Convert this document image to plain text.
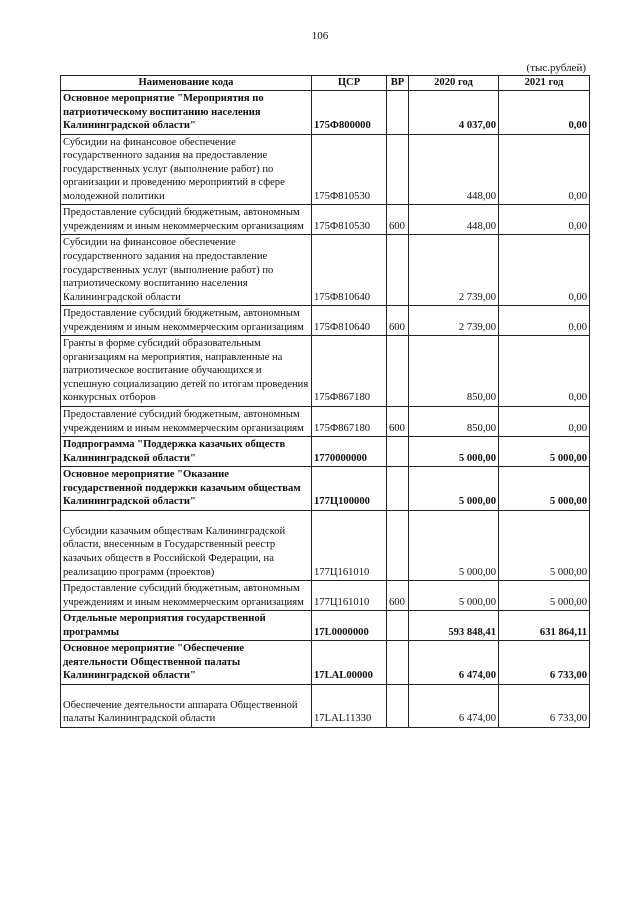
106
(тыс.рублей)
Наименование кода	ЦСР	ВР	2020 год	2021 год
Основное мероприятие "Мероприятия по патриотическому воспитанию населения Калининградской области"	175Ф800000		4 037,00	0,00
Субсидии на финансовое обеспечение государственного задания на предоставление государственных услуг (выполнение работ) по организации и проведению мероприятий в сфере молодежной политики	175Ф810530		448,00	0,00
Предоставление субсидий бюджетным, автономным учреждениям и иным некоммерческим организациям	175Ф810530	600	448,00	0,00
Субсидии на финансовое обеспечение государственного задания на предоставление государственных услуг (выполнение работ) по патриотическому воспитанию населения Калининградской области	175Ф810640		2 739,00	0,00
Предоставление субсидий бюджетным, автономным учреждениям и иным некоммерческим организациям	175Ф810640	600	2 739,00	0,00
Гранты в форме субсидий образовательным организациям на мероприятия, направленные на патриотическое воспитание обучающихся и успешную социализацию детей по итогам проведения конкурсных отборов	175Ф867180		850,00	0,00
Предоставление субсидий бюджетным, автономным учреждениям и иным некоммерческим организациям	175Ф867180	600	850,00	0,00
Подпрограмма "Поддержка казачьих обществ Калининградской области"	1770000000		5 000,00	5 000,00
Основное мероприятие "Оказание государственной поддержки казачьим обществам Калининградской области"	177Ц100000		5 000,00	5 000,00
Субсидии казачьим обществам Калининградской области, внесенным в Государственный реестр казачьих обществ в Российской Федерации, на реализацию программ (проектов)	177Ц161010		5 000,00	5 000,00
Предоставление субсидий бюджетным, автономным учреждениям и иным некоммерческим организациям	177Ц161010	600	5 000,00	5 000,00
Отдельные мероприятия государственной программы	17L0000000		593 848,41	631 864,11
Основное мероприятие "Обеспечение деятельности Общественной палаты Калининградской области"	17LAL00000		6 474,00	6 733,00
Обеспечение деятельности аппарата Общественной палаты Калининградской области	17LAL11330		6 474,00	6 733,00
